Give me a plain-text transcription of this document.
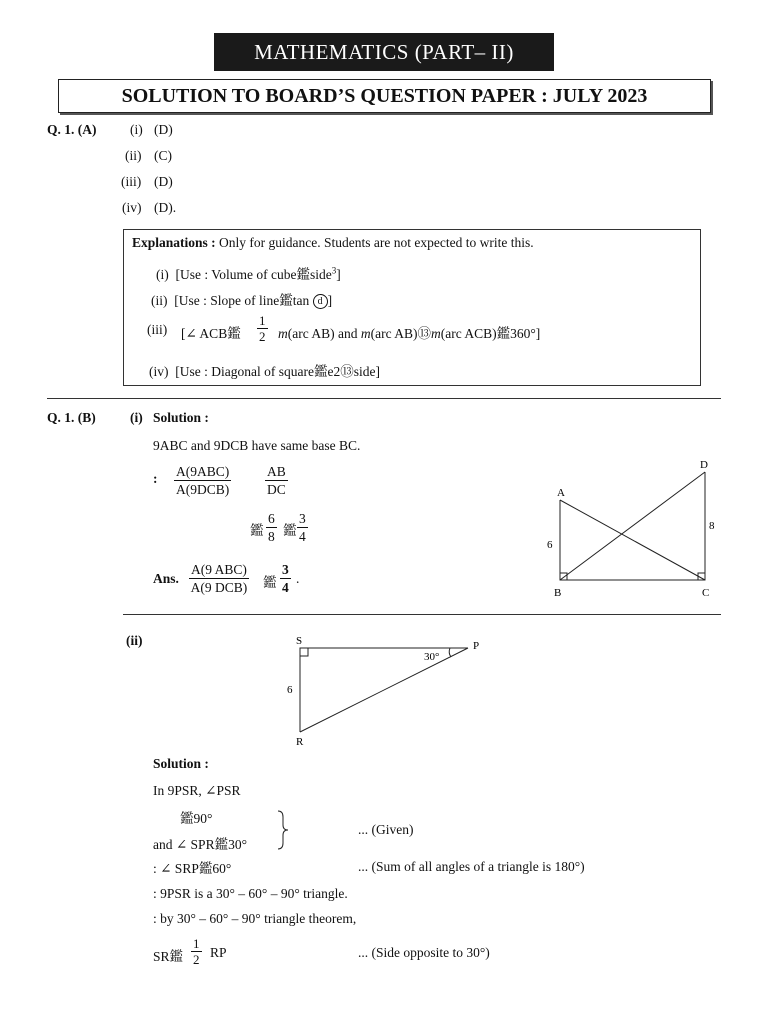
MATHEMATICS (PART– II)
SOLUTION TO BOARD’S QUESTION PAPER : JULY 2023
Q. 1. (A) (i) (D)
(ii) (C)
(iii) (D)
(iv) (D).
Explanations : Only for guidance. Students are not expected to write this.
(i) [Use : Volume of cube鑑side$^3$]
(ii) [Use : Slope of line鑑tan d ]
(iii) [∠ ACB鑑 $\frac{1}{2} m(arc$ AB) and m(arc AB)⑬m(arc ACB)鑑360°]
(iv) [Use : Diagonal of square鑑e2⑬side]
Q. 1. (B)	(i) Solution :
9ABC and 9DCB have same base BC.
: A(9ABC)
A(9DCB)	$\frac{AB}{DC}$
鑑 $\frac{6}{8}$ 鑑 $\frac{3}{4}$
Ans.
A(9 ABC)
A(9 DCB) 鑑 $\frac{3}{4}$ .
A
B	C
D
6
8
(ii)	S	P
R
30°
6
Solution :
In 9PSR, ∠PSR
鑑90°
and ∠ SPR鑑30°
... (Given)
: ∠ SRP鑑60°	... (Sum of all angles of a triangle is 180°)
: 9PSR is a 30° – 60° – 90° triangle.
: by 30° – 60° – 90° triangle theorem,
SR鑑 $\frac{1}{2}$ RP	... (Side opposite to 30°)
